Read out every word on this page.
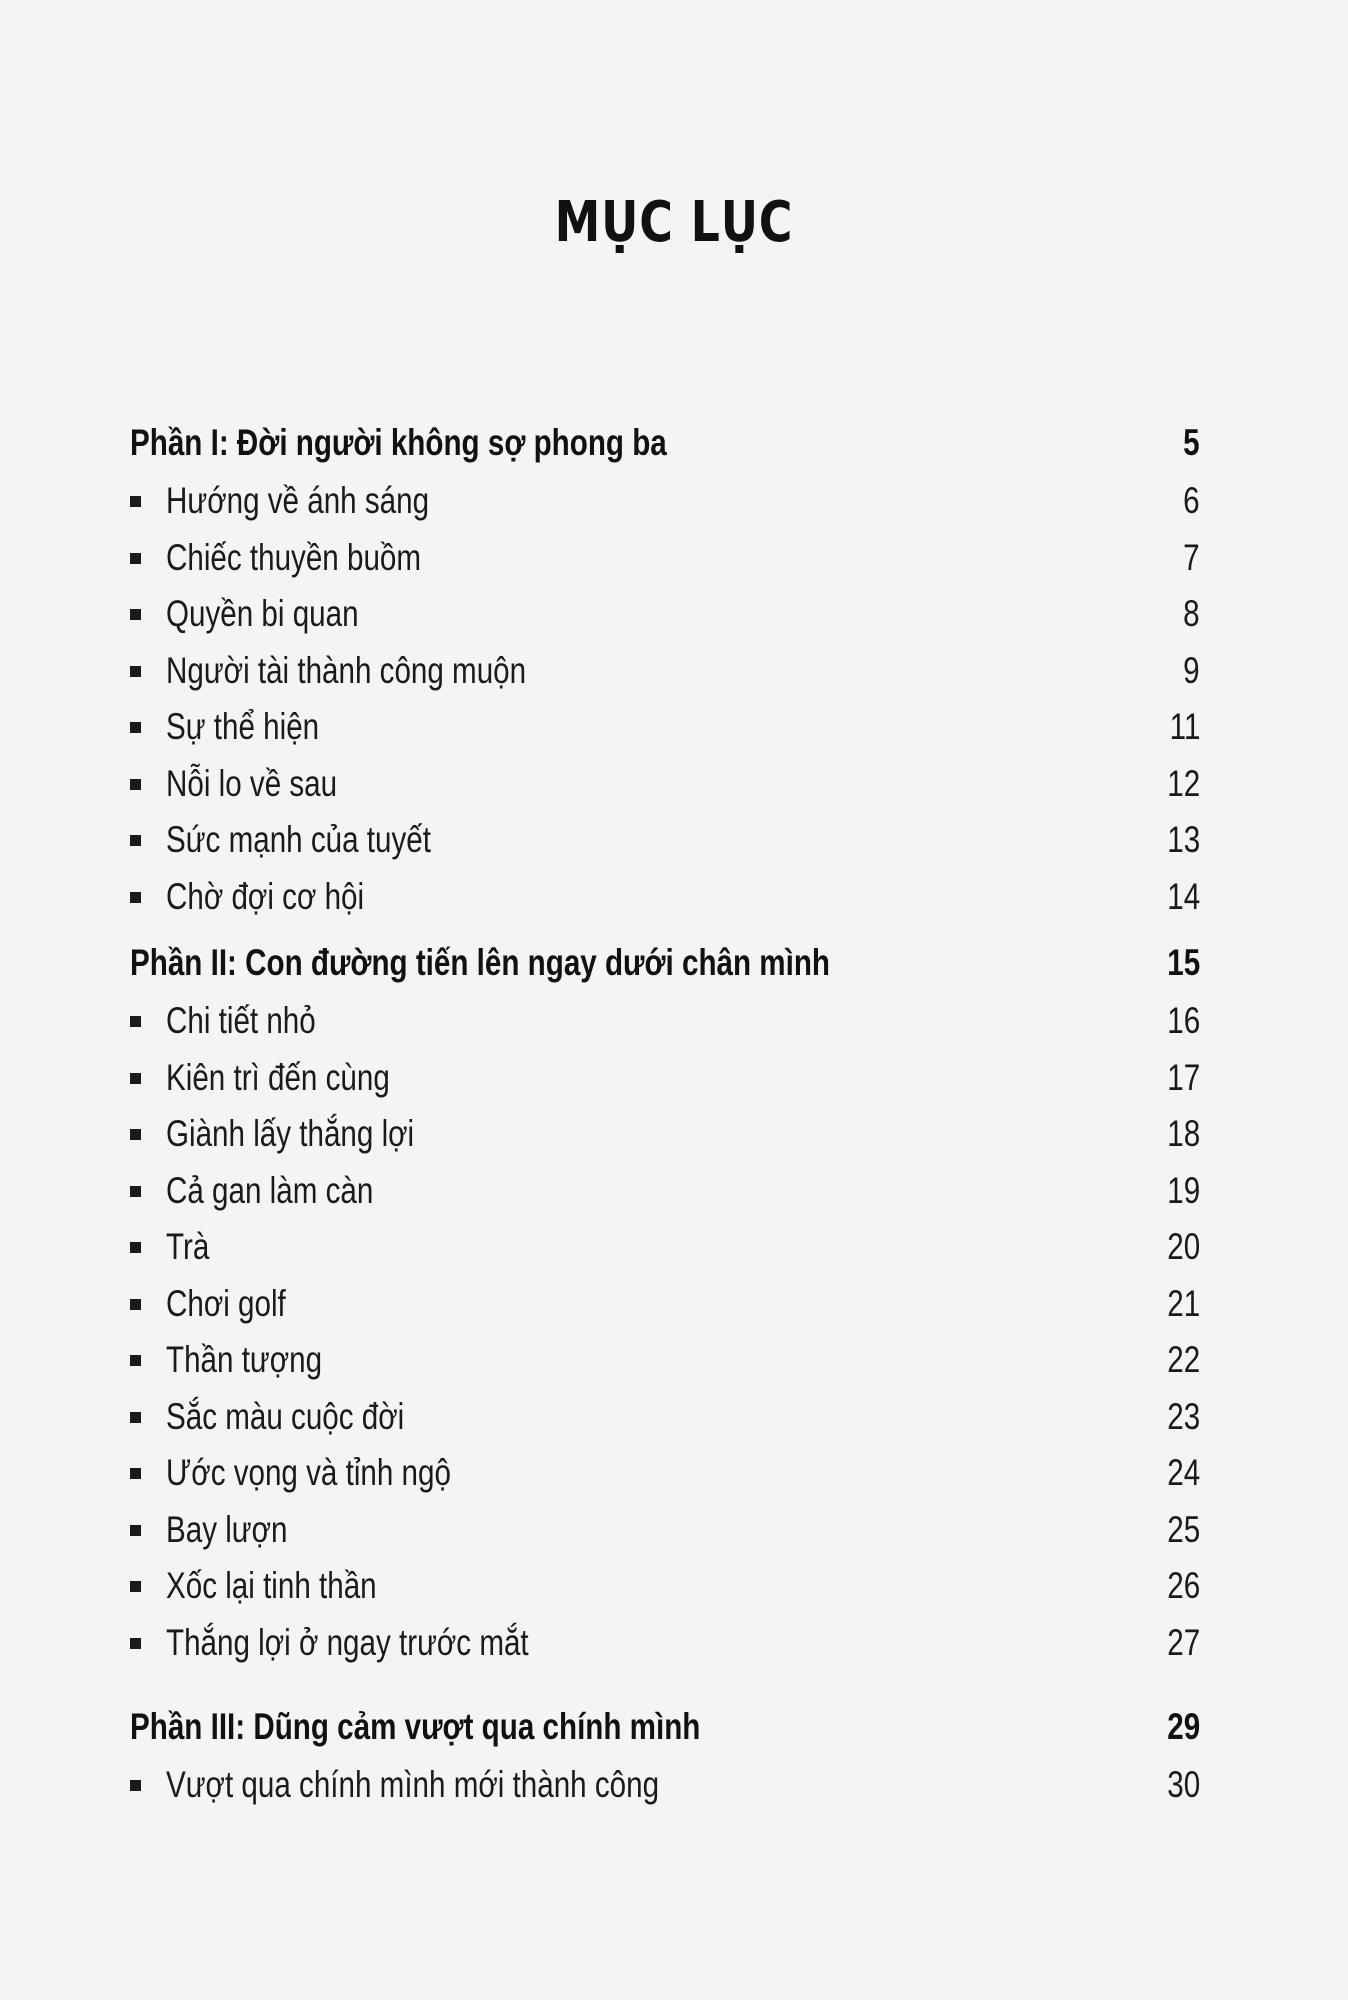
MỤC LỤC
Phần I: Đời người không sợ phong ba	5
Hướng về ánh sáng	6
Chiếc thuyền buồm	7
Quyền bi quan	8
Người tài thành công muộn	9
Sự thể hiện	11
Nỗi lo về sau	12
Sức mạnh của tuyết	13
Chờ đợi cơ hội	14
Phần II: Con đường tiến lên ngay dưới chân mình	15
Chi tiết nhỏ	16
Kiên trì đến cùng	17
Giành lấy thắng lợi	18
Cả gan làm càn	19
Trà	20
Chơi golf	21
Thần tượng	22
Sắc màu cuộc đời	23
Ước vọng và tỉnh ngộ	24
Bay lượn	25
Xốc lại tinh thần	26
Thắng lợi ở ngay trước mắt	27
Phần III: Dũng cảm vượt qua chính mình	29
Vượt qua chính mình mới thành công	30
